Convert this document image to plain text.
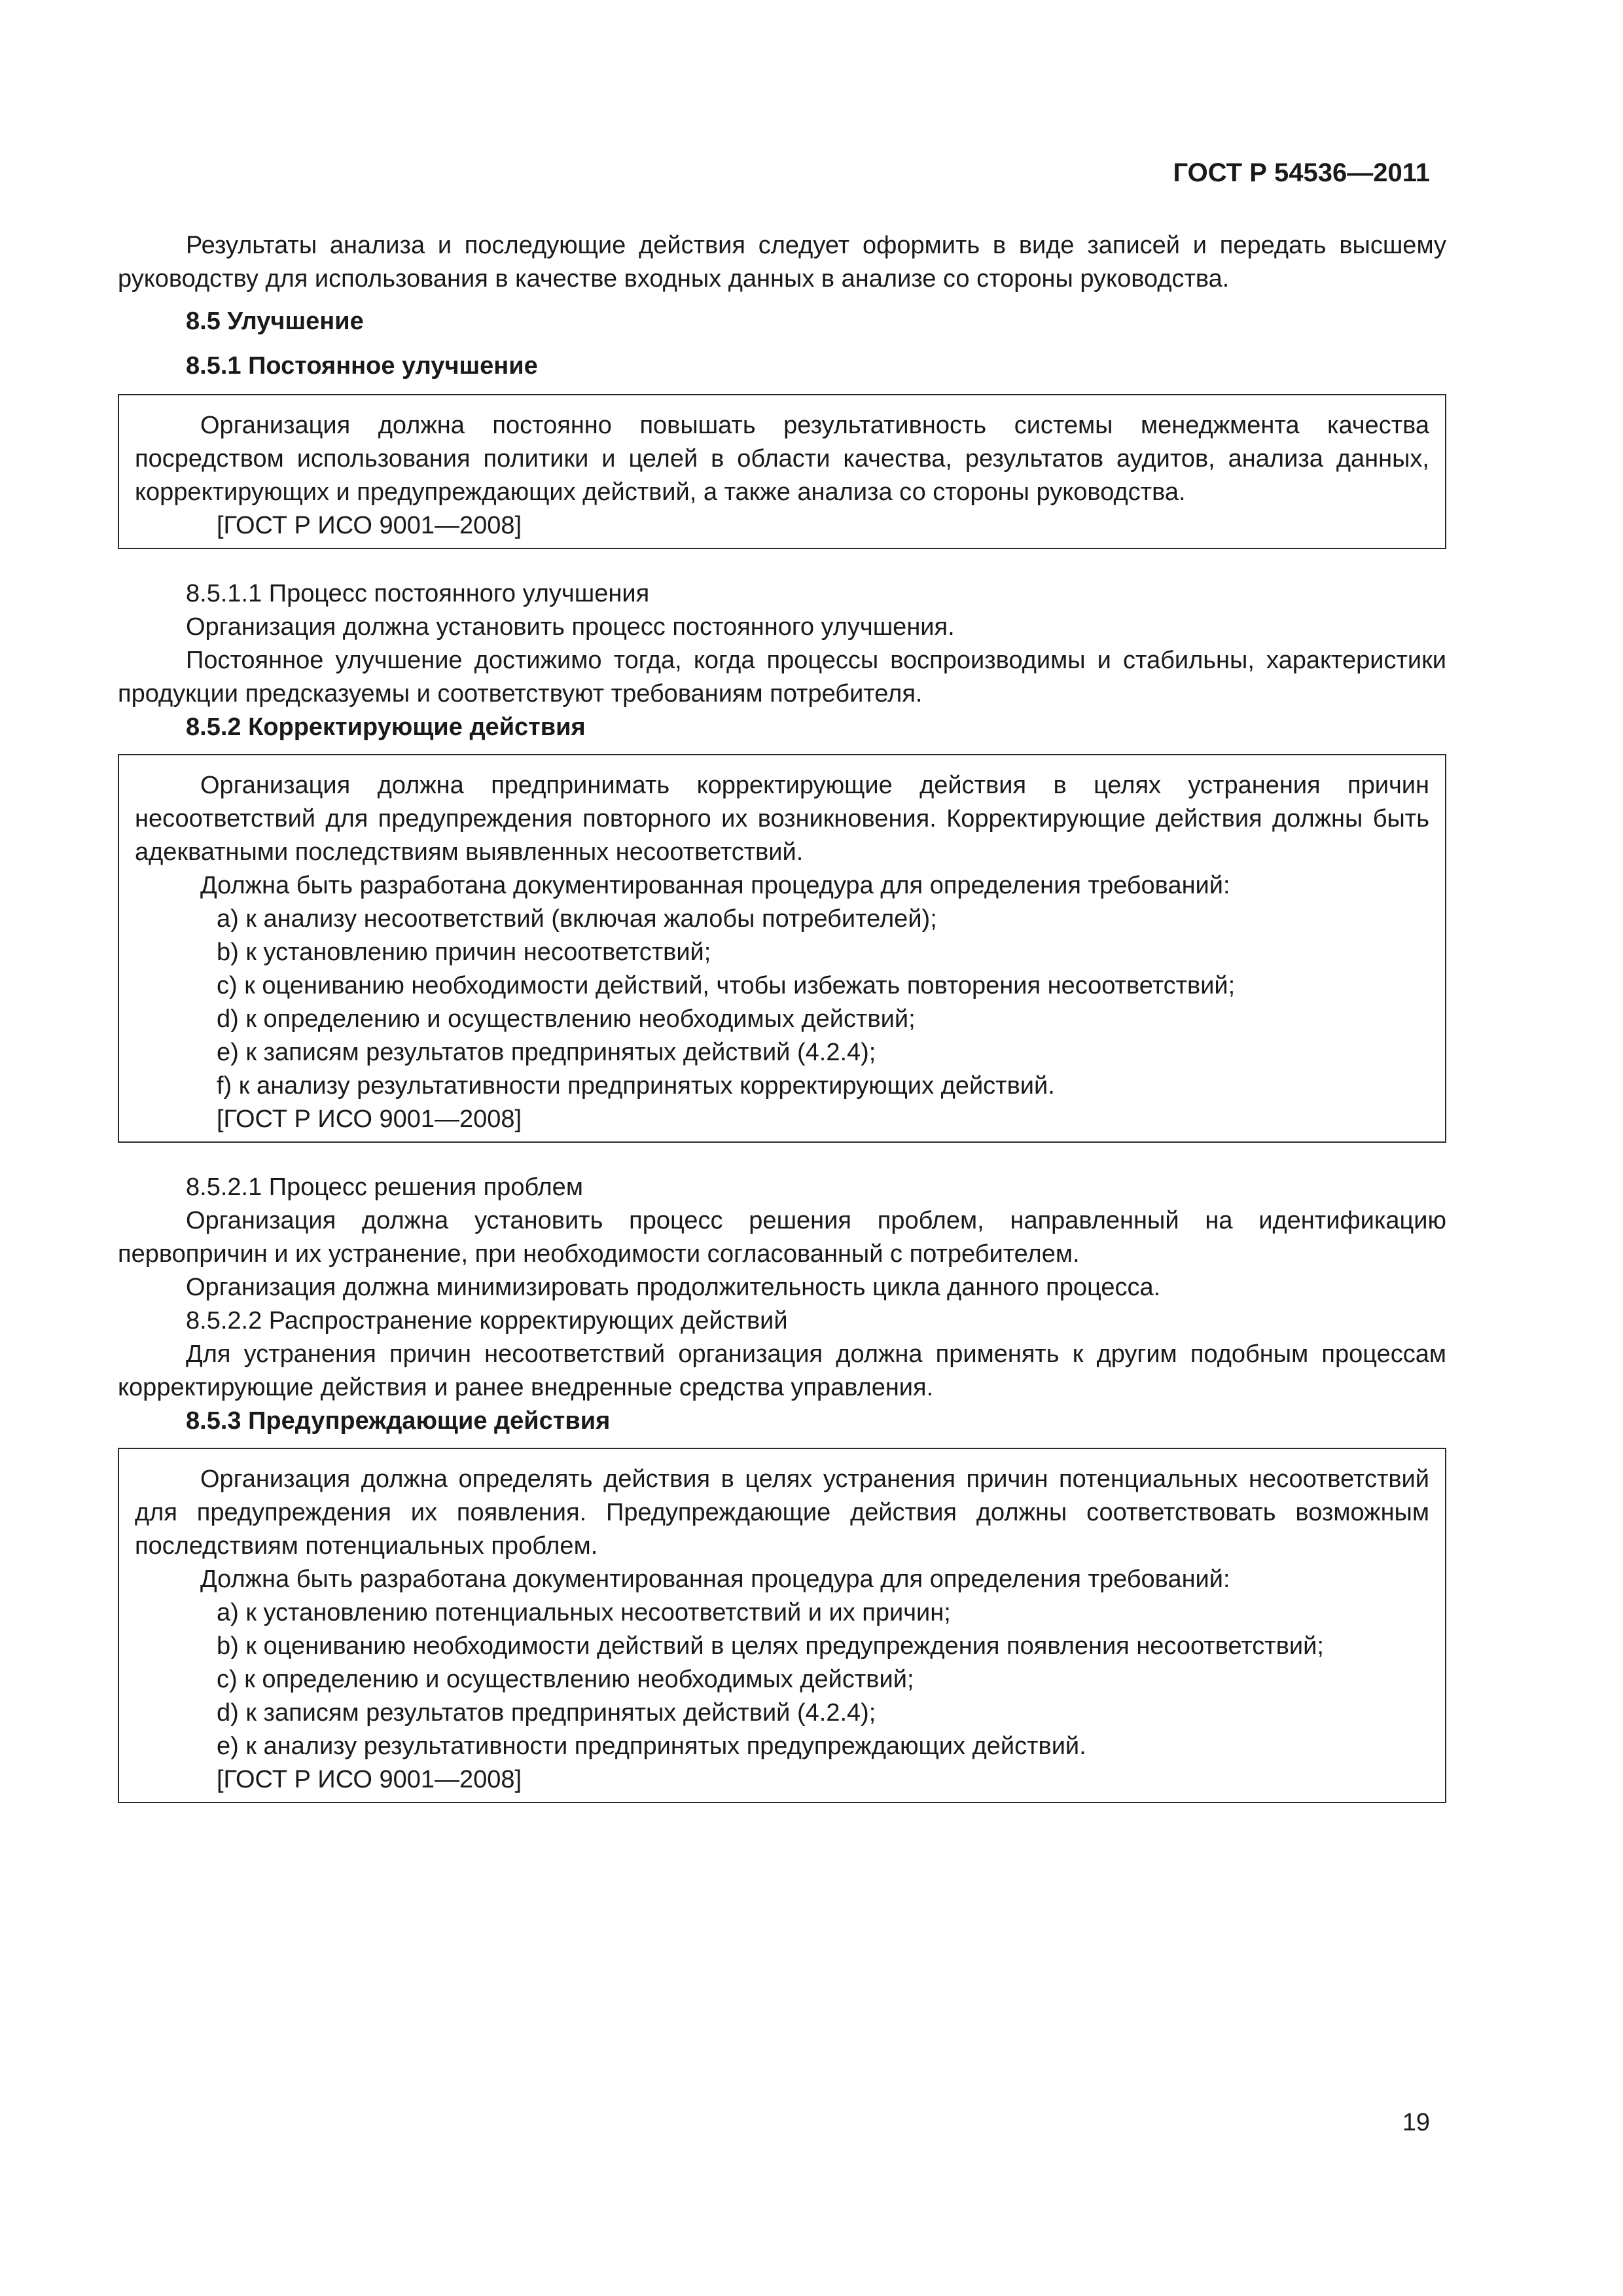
ГОСТ Р 54536—2011

Результаты анализа и последующие действия следует оформить в виде записей и передать высшему руководству для использования в качестве входных данных в анализе со стороны руководства.

8.5 Улучшение

8.5.1 Постоянное улучшение

Организация должна постоянно повышать результативность системы менеджмента качества посредством использования политики и целей в области качества, результатов аудитов, анализа данных, корректирующих и предупреждающих действий, а также анализа со стороны руководства.

[ГОСТ Р ИСО 9001—2008]

8.5.1.1 Процесс постоянного улучшения

Организация должна установить процесс постоянного улучшения.

Постоянное улучшение достижимо тогда, когда процессы воспроизводимы и стабильны, характеристики продукции предсказуемы и соответствуют требованиям потребителя.

8.5.2 Корректирующие действия

Организация должна предпринимать корректирующие действия в целях устранения причин несоответствий для предупреждения повторного их возникновения. Корректирующие действия должны быть адекватными последствиям выявленных несоответствий.

Должна быть разработана документированная процедура для определения требований:

а) к анализу несоответствий (включая жалобы потребителей);

b) к установлению причин несоответствий;

c) к оцениванию необходимости действий, чтобы избежать повторения несоответствий;

d) к определению и осуществлению необходимых действий;

e) к записям результатов предпринятых действий (4.2.4);

f) к анализу результативности предпринятых корректирующих действий.

[ГОСТ Р ИСО 9001—2008]

8.5.2.1 Процесс решения проблем

Организация должна установить процесс решения проблем, направленный на идентификацию первопричин и их устранение, при необходимости согласованный с потребителем.

Организация должна минимизировать продолжительность цикла данного процесса.

8.5.2.2 Распространение корректирующих действий

Для устранения причин несоответствий организация должна применять к другим подобным процессам корректирующие действия и ранее внедренные средства управления.

8.5.3 Предупреждающие действия

Организация должна определять действия в целях устранения причин потенциальных несоответствий для предупреждения их появления. Предупреждающие действия должны соответствовать возможным последствиям потенциальных проблем.

Должна быть разработана документированная процедура для определения требований:

а) к установлению потенциальных несоответствий и их причин;

b) к оцениванию необходимости действий в целях предупреждения появления несоответствий;

c) к определению и осуществлению необходимых действий;

d) к записям результатов предпринятых действий (4.2.4);

e) к анализу результативности предпринятых предупреждающих действий.

[ГОСТ Р ИСО 9001—2008]

19
